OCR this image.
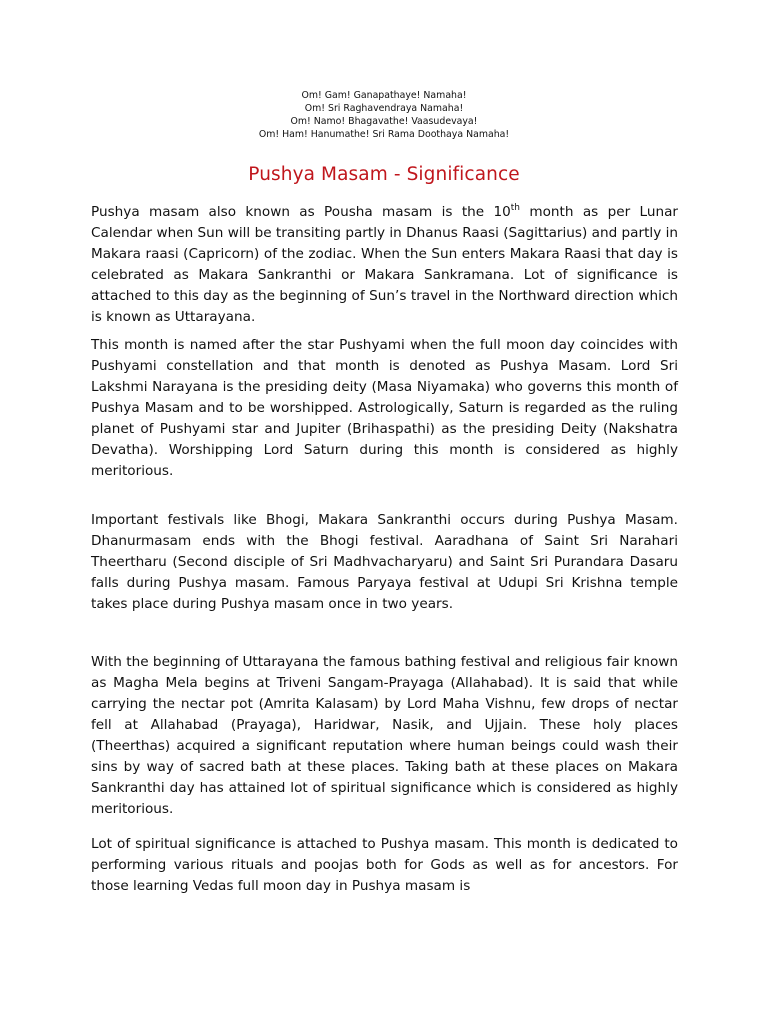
Om! Gam! Ganapathaye! Namaha!
Om! Sri Raghavendraya Namaha!
Om! Namo! Bhagavathe! Vaasudevaya!
Om! Ham! Hanumathe! Sri Rama Doothaya Namaha!
Pushya Masam - Significance

Pushya masam also known as Pousha masam is the 10th month as per Lunar Calendar when Sun will be transiting partly in Dhanus Raasi (Sagittarius) and partly in Makara raasi (Capricorn) of the zodiac. When the Sun enters Makara Raasi that day is celebrated as Makara Sankranthi or Makara Sankramana. Lot of significance is attached to this day as the beginning of Sun’s travel in the Northward direction which is known as Uttarayana.

This month is named after the star Pushyami when the full moon day coincides with Pushyami constellation and that month is denoted as Pushya Masam. Lord Sri Lakshmi Narayana is the presiding deity (Masa Niyamaka) who governs this month of Pushya Masam and to be worshipped. Astrologically, Saturn is regarded as the ruling planet of Pushyami star and Jupiter (Brihaspathi) as the presiding Deity (Nakshatra Devatha). Worshipping Lord Saturn during this month is considered as highly meritorious.

Important festivals like Bhogi, Makara Sankranthi occurs during Pushya Masam. Dhanurmasam ends with the Bhogi festival. Aaradhana of Saint Sri Narahari Theertharu (Second disciple of Sri Madhvacharyaru) and Saint Sri Purandara Dasaru falls during Pushya masam. Famous Paryaya festival at Udupi Sri Krishna temple takes place during Pushya masam once in two years.

With the beginning of Uttarayana the famous bathing festival and religious fair known as Magha Mela begins at Triveni Sangam-Prayaga (Allahabad). It is said that while carrying the nectar pot (Amrita Kalasam) by Lord Maha Vishnu, few drops of nectar fell at Allahabad (Prayaga), Haridwar, Nasik, and Ujjain. These holy places (Theerthas) acquired a significant reputation where human beings could wash their sins by way of sacred bath at these places. Taking bath at these places on Makara Sankranthi day has attained lot of spiritual significance which is considered as highly meritorious.

Lot of spiritual significance is attached to Pushya masam. This month is dedicated to performing various rituals and poojas both for Gods as well as for ancestors. For those learning Vedas full moon day in Pushya masam is
